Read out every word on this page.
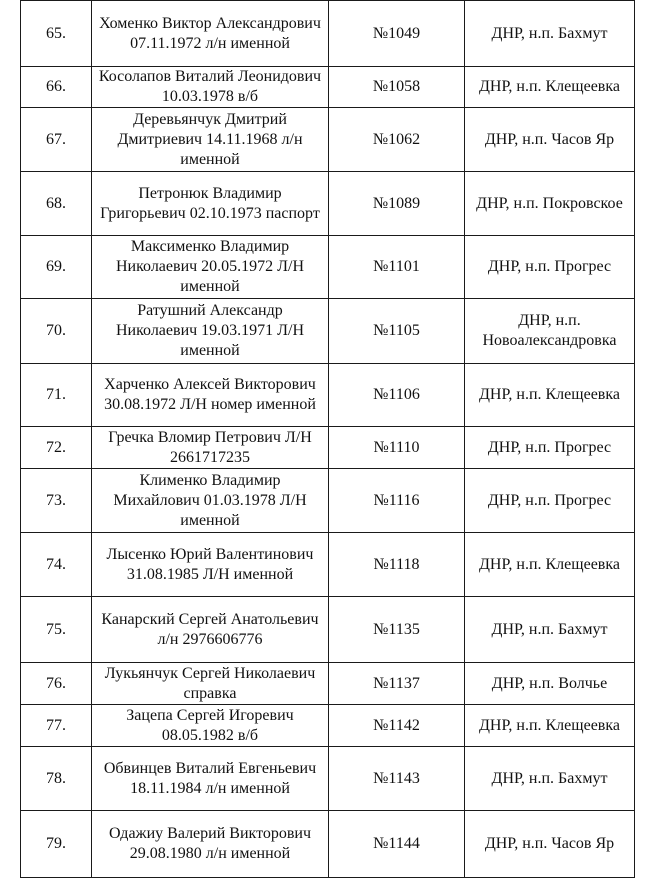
65.	Хоменко Виктор Александрович 07.11.1972 л/н именной	№1049	ДНР, н.п. Бахмут
66.	Косолапов Виталий Леонидович 10.03.1978 в/б	№1058	ДНР, н.п. Клещеевка
67.	Деревьянчук Дмитрий Дмитриевич 14.11.1968 л/н именной	№1062	ДНР, н.п. Часов Яр
68.	Петронюк Владимир Григорьевич 02.10.1973 паспорт	№1089	ДНР, н.п. Покровское
69.	Максименко Владимир Николаевич 20.05.1972 Л/Н именной	№1101	ДНР, н.п. Прогрес
70.	Ратушний Александр Николаевич 19.03.1971 Л/Н именной	№1105	ДНР, н.п. Новоалександровка
71.	Харченко Алексей Викторович 30.08.1972 Л/Н номер именной	№1106	ДНР, н.п. Клещеевка
72.	Гречка Вломир Петрович Л/Н 2661717235	№1110	ДНР, н.п. Прогрес
73.	Клименко Владимир Михайлович 01.03.1978 Л/Н именной	№1116	ДНР, н.п. Прогрес
74.	Лысенко Юрий Валентинович 31.08.1985 Л/Н именной	№1118	ДНР, н.п. Клещеевка
75.	Канарский Сергей Анатольевич л/н 2976606776	№1135	ДНР, н.п. Бахмут
76.	Лукьянчук Сергей Николаевич справка	№1137	ДНР, н.п. Волчье
77.	Зацепа Сергей Игоревич 08.05.1982 в/б	№1142	ДНР, н.п. Клещеевка
78.	Обвинцев Виталий Евгеньевич 18.11.1984 л/н именной	№1143	ДНР, н.п. Бахмут
79.	Одажиу Валерий Викторович 29.08.1980 л/н именной	№1144	ДНР, н.п. Часов Яр
